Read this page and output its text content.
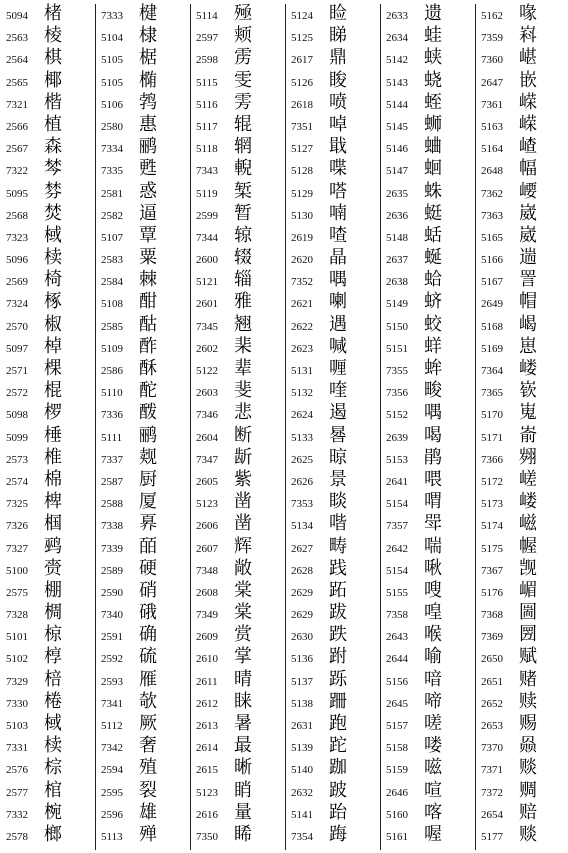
5094 楮
2563 棱
2564 棋
2565 椰
7321 楷
2566 植
2567 森
7322 棽
5095 棼
2568 焚
7323 棫
5096 椟
2569 椅
7324 椓
2570 椒
5097 棹
2571 棵
2572 棍
5098 椤
5099 棰
2573 椎
2574 棉
7325 椑
7326 椢
7327 鹀
5100 赍
2575 棚
7328 椆
5101 椋
5102 椁
7329 棓
7330 棬
5103 棫
7331 椟
2576 棕
2577 棺
7332 椀
2578 榔
7333 楗
5104 棣
5105 椐
5105 椭
5106 鹁
2580 惠
7334 鹂
7335 甦
2581 惑
2582 逼
5107 覃
2583 粟
2584 棘
5108 酣
2585 酤
5109 酢
2586 酥
5110 酡
7336 酦
5111 鹂
7337 觌
2587 厨
2588 厦
7338 奡
7339 皕
2589 硬
2590 硝
7340 硪
2591 确
2592 硫
2593 雁
7341 欹
5112 厥
7342 奢
2594 殖
2595 裂
2596 雄
5113 殚
5114 殛
2597 颊
2598 雳
5115 雯
5116 雱
5117 辊
5118 辋
7343 輗
5119 椠
2599 暂
7344 辌
2600 辍
5121 辎
2601 雅
7345 翘
2602 棐
5122 辈
2603 斐
7346 悲
2604 断
7347 龂
2605 紫
5123 凿
2606 凿
2607 辉
7348 敞
2608 棠
7349 棠
2609 赏
2610 掌
2611 晴
2612 睐
2613 暑
2614 最
2615 晰
5123 睄
2616 量
7350 睎
5124 睑
5125 睇
2617 鼎
5126 睃
2618 喷
7351 啅
5127 戢
5128 喋
5129 嗒
5130 喃
2619 喳
2620 晶
7352 喁
2621 喇
2622 遇
2623 喊
5131 喱
5132 喹
2624 遏
5133 晷
2625 晾
2626 景
7353 睒
5134 喈
2627 畴
2628 践
2629 跖
2629 跋
2630 跌
5136 跗
5137 跞
5138 跚
2631 跑
5139 跎
5140 跏
2632 跛
5141 跆
7354 踇
2633 遗
2634 蛙
5142 蛱
5143 蛲
5144 蛭
5145 蛳
5146 蛐
5147 蛔
2635 蛛
2636 蜓
5148 蛞
2637 蜒
2638 蛤
5149 蛴
5150 蛟
5151 蛘
7355 蛑
7356 畯
5152 喁
2639 喝
5153 鹃
2641 喂
5154 喟
7357 斝
2642 喘
5154 啾
5155 嗖
7358 喤
2643 喉
2644 喻
5156 喑
2645 啼
5157 嗟
5158 喽
5159 嗞
2646 喧
5160 喀
5161 喔
5162 喙
7359 嵙
7360 嵁
2647 嵌
7361 嵘
5163 嵘
5164 嵖
2648 幅
7362 崾
7363 崴
5165 崴
5166 遄
5167 詈
2649 帽
5168 嵑
5169 崽
7364 嵝
7365 嵚
5170 嵬
5171 嵛
7366 翙
5172 嵯
5173 嵝
5174 嵫
5175 幄
7367 觊
5176 嵋
7368 圌
7369 圐
2650 赋
2651 赌
2652 赎
2653 赐
7370 赑
7371 赕
7372 赒
2654 赔
5177 赕
